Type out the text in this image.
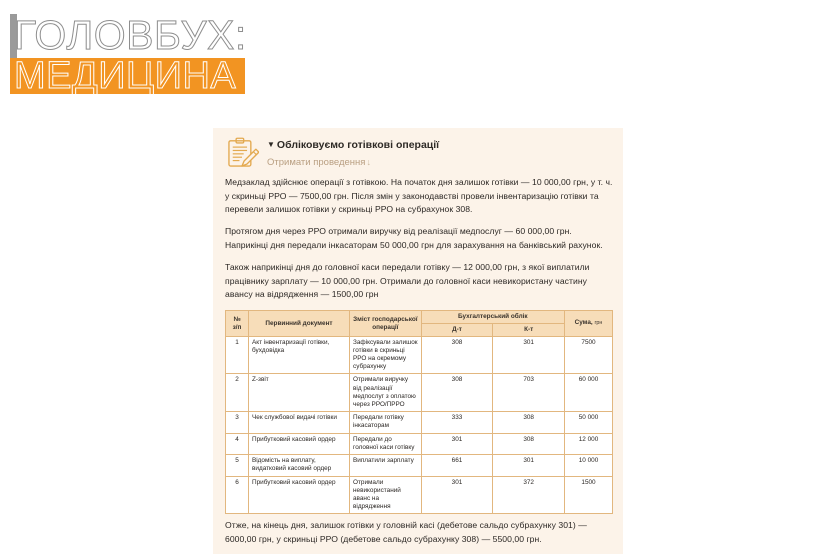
ГОЛОВБУХ:
МЕДИЦИНА
▼ Обліковуємо готівкові операції
Отримати проведення↓

Медзаклад здійснює операції з готівкою. На початок дня залишок готівки — 10 000,00 грн, у т. ч. у скриньці РРО — 7500,00 грн. Після змін у законодавстві провели інвентаризацію готівки та перевели залишок готівки у скриньці РРО на субрахунок 308.

Протягом дня через РРО отримали виручку від реалізації медпослуг — 60 000,00 грн. Наприкінці дня передали інкасаторам 50 000,00 грн для зарахування на банківський рахунок.

Також наприкінці дня до головної каси передали готівку — 12 000,00 грн, з якої виплатили працівнику зарплату — 10 000,00 грн. Отримали до головної каси невикористану частину авансу на відрядження — 1500,00 грн

№
з/п	Первинний документ	Зміст господарської операції	Бухгалтерський облік		Сума, грн
			Д-т	К-т	
1	Акт інвентаризації готівки, бухдовідка	Зафіксували залишок готівки в скриньці РРО на окремому субрахунку	308	301	7500
2	Z-звіт	Отримали виручку від реалізації медпослуг з оплатою через РРО/ПРРО	308	703	60 000
3	Чек службової видачі готівки	Передали готівку інкасаторам	333	308	50 000
4	Прибутковий касовий ордер	Передали до головної каси готівку	301	308	12 000
5	Відомість на виплату, видатковий касовий ордер	Виплатили зарплату	661	301	10 000
6	Прибутковий касовий ордер	Отримали невикористаний аванс на відрядження	301	372	1500

Отже, на кінець дня, залишок готівки у головній касі (дебетове сальдо субрахунку 301) — 6000,00 грн, у скриньці РРО (дебетове сальдо субрахунку 308) — 5500,00 грн.
